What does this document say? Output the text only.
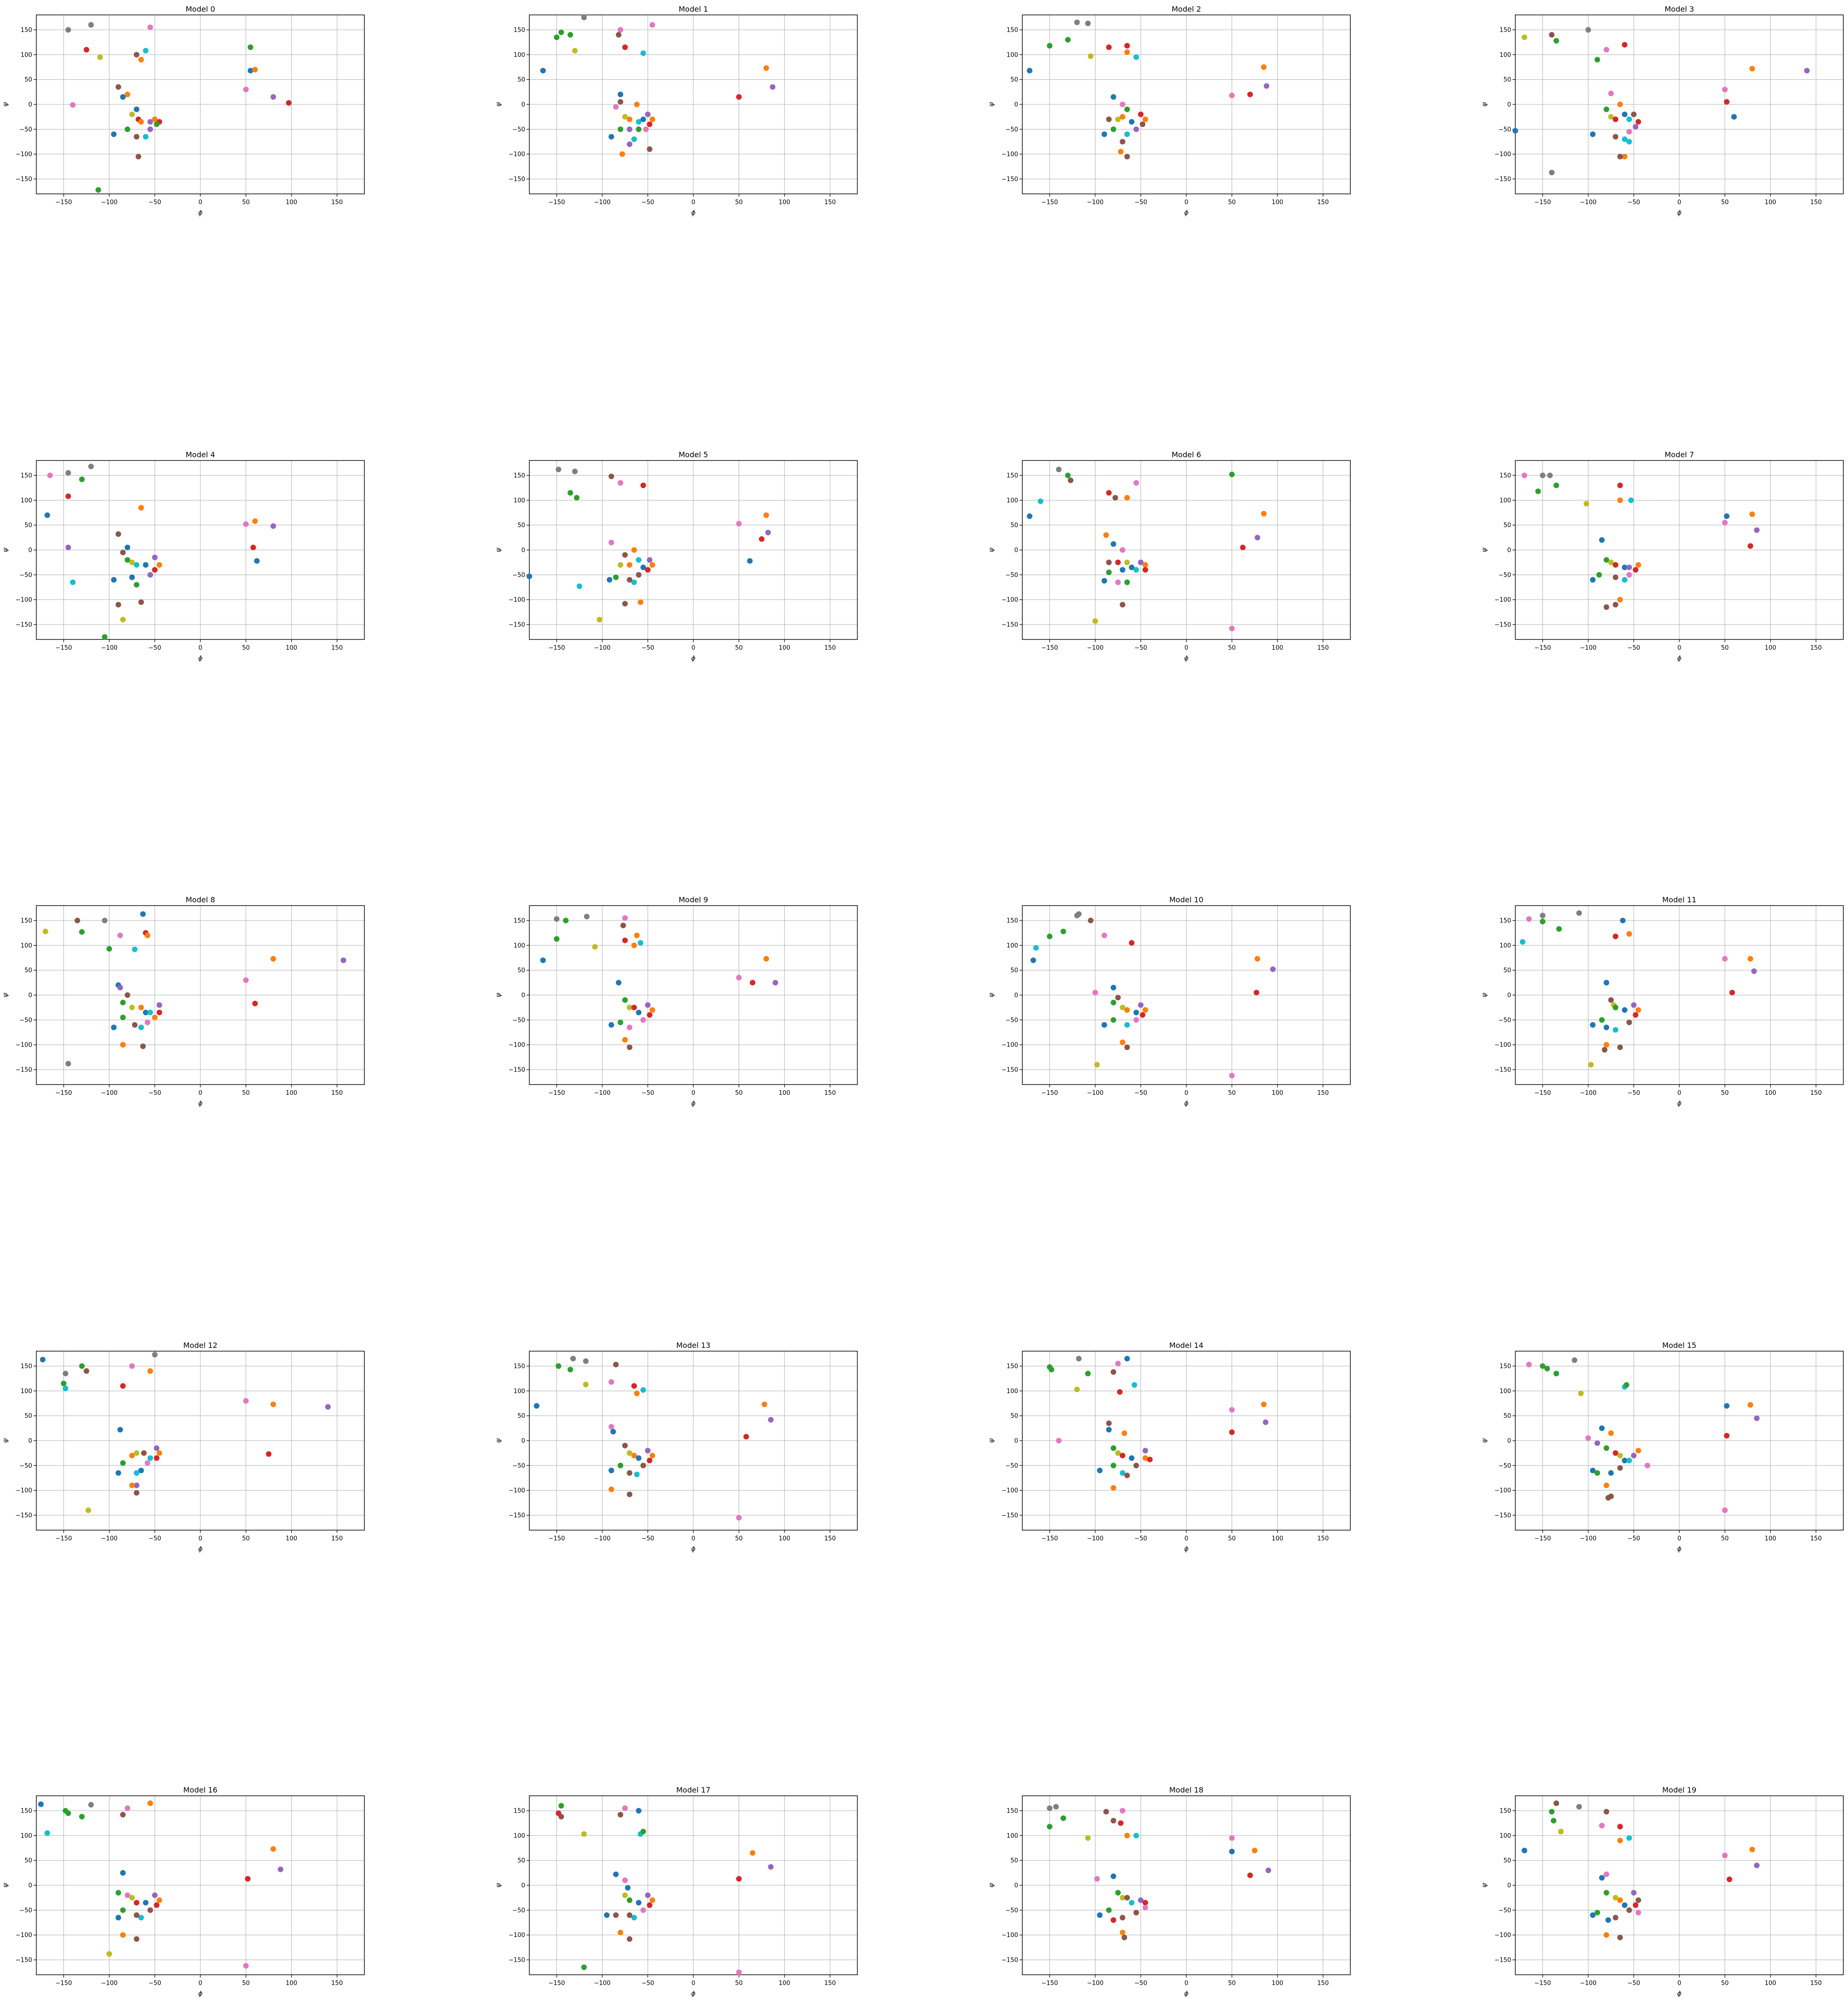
−150	−100	−50	0	50	100	150
−150
−100
−50
0
50
100
150
Model 0
ϕ
ψ
−150	−100	−50	0	50	100	150
−150
−100
−50
0
50
100
150
Model 1
ϕ
ψ
−150	−100	−50	0	50	100	150
−150
−100
−50
0
50
100
150
Model 2
ϕ
ψ
−150	−100	−50	0	50	100	150
−150
−100
−50
0
50
100
150
Model 3
ϕ
ψ
−150	−100	−50	0	50	100	150
−150
−100
−50
0
50
100
150
Model 4
ϕ
ψ
−150	−100	−50	0	50	100	150
−150
−100
−50
0
50
100
150
Model 5
ϕ
ψ
−150	−100	−50	0	50	100	150
−150
−100
−50
0
50
100
150
Model 6
ϕ
ψ
−150	−100	−50	0	50	100	150
−150
−100
−50
0
50
100
150
Model 7
ϕ
ψ
−150	−100	−50	0	50	100	150
−150
−100
−50
0
50
100
150
Model 8
ϕ
ψ
−150	−100	−50	0	50	100	150
−150
−100
−50
0
50
100
150
Model 9
ϕ
ψ
−150	−100	−50	0	50	100	150
−150
−100
−50
0
50
100
150
Model 10
ϕ
ψ
−150	−100	−50	0	50	100	150
−150
−100
−50
0
50
100
150
Model 11
ϕ
ψ
−150	−100	−50	0	50	100	150
−150
−100
−50
0
50
100
150
Model 12
ϕ
ψ
−150	−100	−50	0	50	100	150
−150
−100
−50
0
50
100
150
Model 13
ϕ
ψ
−150	−100	−50	0	50	100	150
−150
−100
−50
0
50
100
150
Model 14
ϕ
ψ
−150	−100	−50	0	50	100	150
−150
−100
−50
0
50
100
150
Model 15
ϕ
ψ
−150	−100	−50	0	50	100	150
−150
−100
−50
0
50
100
150
Model 16
ϕ
ψ
−150	−100	−50	0	50	100	150
−150
−100
−50
0
50
100
150
Model 17
ϕ
ψ
−150	−100	−50	0	50	100	150
−150
−100
−50
0
50
100
150
Model 18
ϕ
ψ
−150	−100	−50	0	50	100	150
−150
−100
−50
0
50
100
150
Model 19
ϕ
ψ
